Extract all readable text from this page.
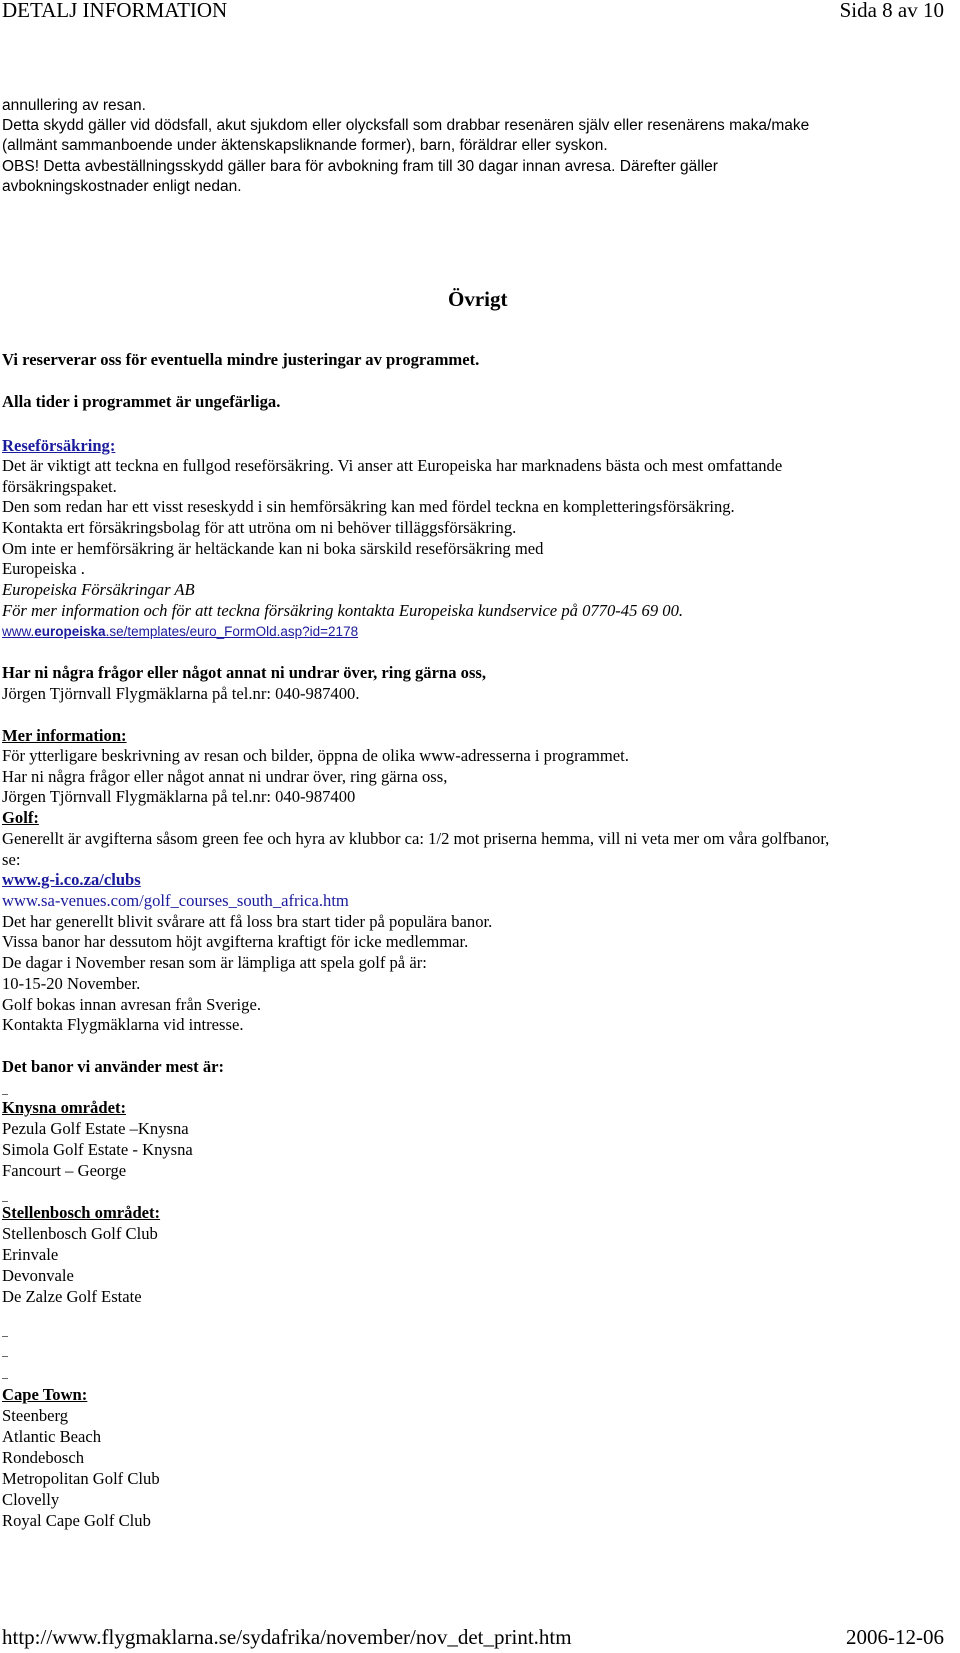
DETALJ INFORMATION	Sida 8 av 10
annullering av resan.
Detta skydd gäller vid dödsfall, akut sjukdom eller olycksfall som drabbar resenären själv eller resenärens maka/make
(allmänt sammanboende under äktenskapsliknande former), barn, föräldrar eller syskon.
OBS! Detta avbeställningsskydd gäller bara för avbokning fram till 30 dagar innan avresa. Därefter gäller
avbokningskostnader enligt nedan.
Övrigt
Vi reserverar oss för eventuella mindre justeringar av programmet.
Alla tider i programmet är ungefärliga.
Reseförsäkring:
Det är viktigt att teckna en fullgod reseförsäkring. Vi anser att Europeiska har marknadens bästa och mest omfattande
försäkringspaket.
Den som redan har ett visst reseskydd i sin hemförsäkring kan med fördel teckna en kompletteringsförsäkring.
Kontakta ert försäkringsbolag för att utröna om ni behöver tilläggsförsäkring.
Om inte er hemförsäkring är heltäckande kan ni boka särskild reseförsäkring med
Europeiska .
Europeiska Försäkringar AB
För mer information och för att teckna försäkring kontakta Europeiska kundservice på 0770-45 69 00.
www.europeiska.se/templates/euro_FormOld.asp?id=2178
Har ni några frågor eller något annat ni undrar över, ring gärna oss,
Jörgen Tjörnvall Flygmäklarna på tel.nr: 040-987400.
Mer information:
För ytterligare beskrivning av resan och bilder, öppna de olika www-adresserna i programmet.
Har ni några frågor eller något annat ni undrar över, ring gärna oss,
Jörgen Tjörnvall Flygmäklarna på tel.nr: 040-987400
Golf:
Generellt är avgifterna såsom green fee och hyra av klubbor ca: 1/2 mot priserna hemma, vill ni veta mer om våra golfbanor,
se:
www.g-i.co.za/clubs
www.sa-venues.com/golf_courses_south_africa.htm
Det har generellt blivit svårare att få loss bra start tider på populära banor.
Vissa banor har dessutom höjt avgifterna kraftigt för icke medlemmar.
De dagar i November resan som är lämpliga att spela golf på är:
10-15-20 November.
Golf bokas innan avresan från Sverige.
Kontakta Flygmäklarna vid intresse.
Det banor vi använder mest är:
Knysna området:
Pezula Golf Estate –Knysna
Simola Golf Estate - Knysna
Fancourt – George
Stellenbosch området:
Stellenbosch Golf Club
Erinvale
Devonvale
De Zalze Golf Estate
Cape Town:
Steenberg
Atlantic Beach
Rondebosch
Metropolitan Golf Club
Clovelly
Royal Cape Golf Club
http://www.flygmaklarna.se/sydafrika/november/nov_det_print.htm	2006-12-06
